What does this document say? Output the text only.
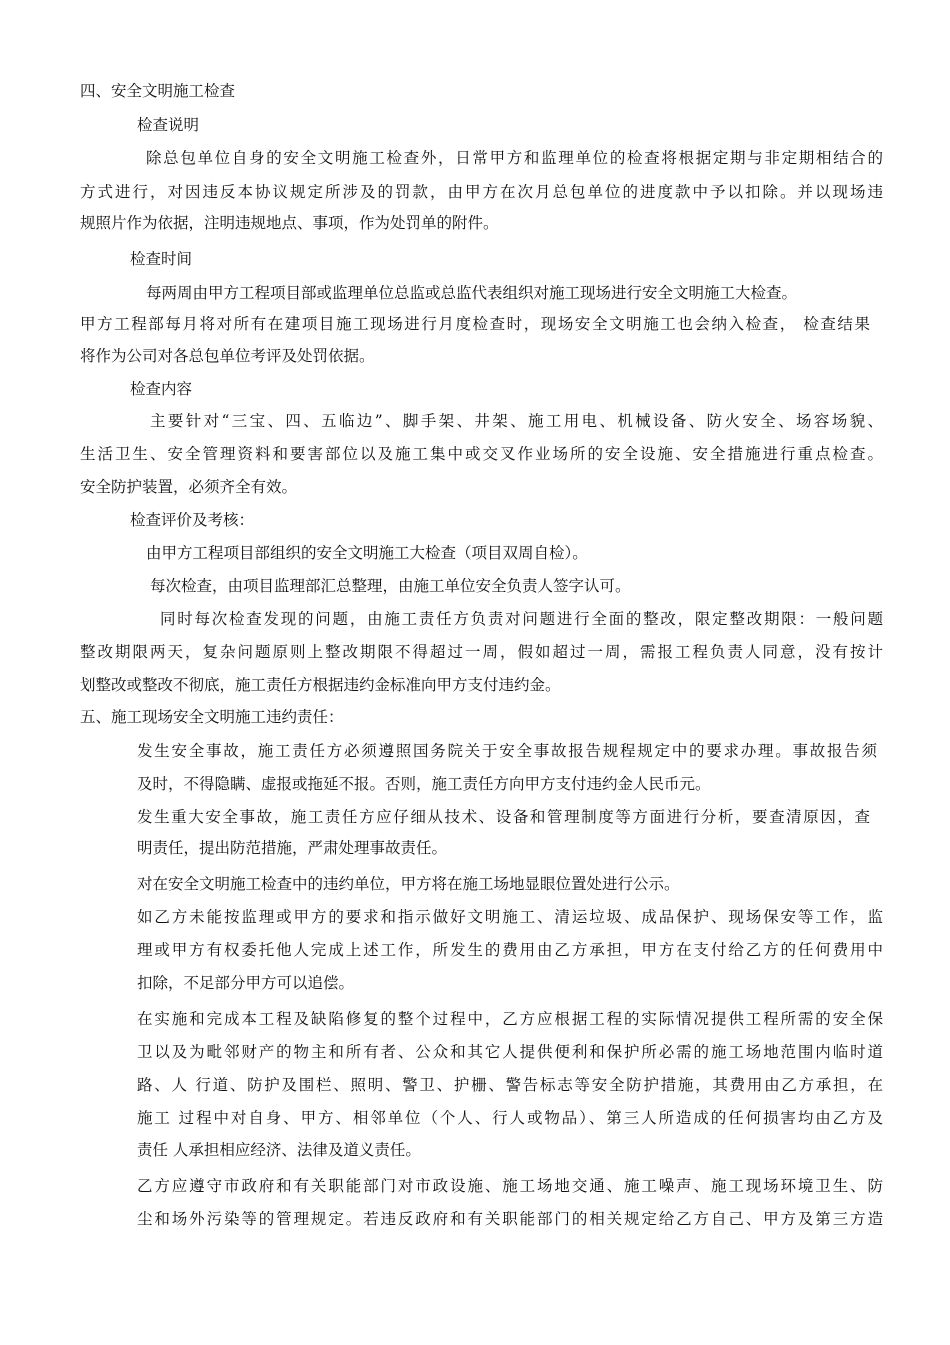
四、安全文明施工检查
检查说明
除总包单位自身的安全文明施工检查外，日常甲方和监理单位的检查将根据定期与非定期相结合的
方式进行，对因违反本协议规定所涉及的罚款，由甲方在次月总包单位的进度款中予以扣除。并以现场违
规照片作为依据，注明违规地点、事项，作为处罚单的附件。
检查时间
每两周由甲方工程项目部或监理单位总监或总监代表组织对施工现场进行安全文明施工大检查。
甲方工程部每月将对所有在建项目施工现场进行月度检查时，现场安全文明施工也会纳入检查， 检查结果
将作为公司对各总包单位考评及处罚依据。
检查内容
主要针对“三宝、四、五临边”、脚手架、井架、施工用电、机械设备、防火安全、场容场貌、
生活卫生、安全管理资料和要害部位以及施工集中或交叉作业场所的安全设施、安全措施进行重点检查。
安全防护装置，必须齐全有效。
检查评价及考核：
由甲方工程项目部组织的安全文明施工大检查（项目双周自检）。
每次检查，由项目监理部汇总整理，由施工单位安全负责人签字认可。
同时每次检查发现的问题，由施工责任方负责对问题进行全面的整改，限定整改期限：一般问题
整改期限两天，复杂问题原则上整改期限不得超过一周，假如超过一周，需报工程负责人同意，没有按计
划整改或整改不彻底，施工责任方根据违约金标准向甲方支付违约金。
五、施工现场安全文明施工违约责任：
发生安全事故，施工责任方必须遵照国务院关于安全事故报告规程规定中的要求办理。事故报告须
及时，不得隐瞒、虚报或拖延不报。否则，施工责任方向甲方支付违约金人民币元。
发生重大安全事故，施工责任方应仔细从技术、设备和管理制度等方面进行分析，要查清原因，查
明责任，提出防范措施，严肃处理事故责任。
对在安全文明施工检查中的违约单位，甲方将在施工场地显眼位置处进行公示。
如乙方未能按监理或甲方的要求和指示做好文明施工、清运垃圾、成品保护、现场保安等工作，监
理或甲方有权委托他人完成上述工作，所发生的费用由乙方承担，甲方在支付给乙方的任何费用中
扣除，不足部分甲方可以追偿。
在实施和完成本工程及缺陷修复的整个过程中，乙方应根据工程的实际情况提供工程所需的安全保
卫以及为毗邻财产的物主和所有者、公众和其它人提供便利和保护所必需的施工场地范围内临时道
路、人 行道、防护及围栏、照明、警卫、护栅、警告标志等安全防护措施，其费用由乙方承担，在
施工 过程中对自身、甲方、相邻单位（个人、行人或物品）、第三人所造成的任何损害均由乙方及
责任 人承担相应经济、法律及道义责任。
乙方应遵守市政府和有关职能部门对市政设施、施工场地交通、施工噪声、施工现场环境卫生、防
尘和场外污染等的管理规定。若违反政府和有关职能部门的相关规定给乙方自己、甲方及第三方造
